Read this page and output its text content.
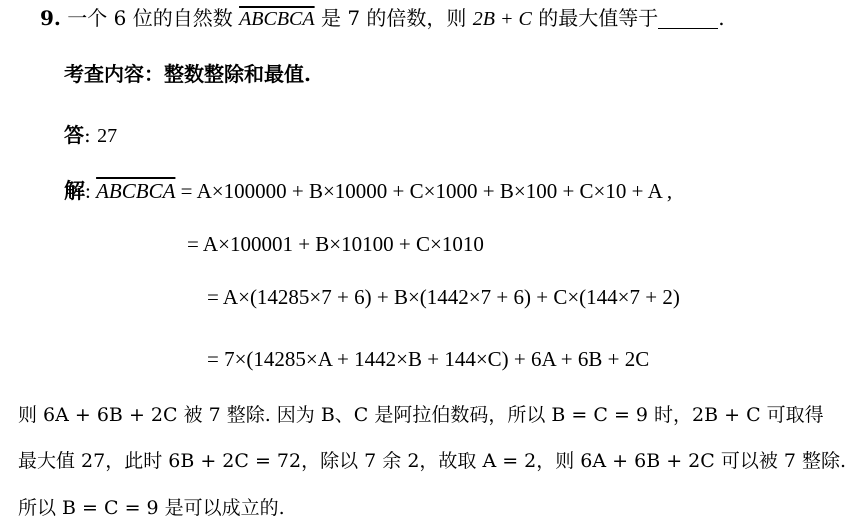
9. 一个 6 位的自然数 ABCBCA 是 7 的倍数，则 2B + C 的最大值等于	.
考查内容：整数整除和最值.
答: 27
解: ABCBCA = A×100000 + B×10000 + C×1000 + B×100 + C×10 + A ,
= A×100001 + B×10100 + C×1010
= A×(14285×7 + 6) + B×(1442×7 + 6) + C×(144×7 + 2)
= 7×(14285×A + 1442×B + 144×C) + 6A + 6B + 2C
则 6A + 6B + 2C 被 7 整除. 因为 B、C 是阿拉伯数码，所以 B = C = 9 时，2B + C 可取得
最大值 27，此时 6B + 2C = 72，除以 7 余 2，故取 A = 2，则 6A + 6B + 2C 可以被 7 整除.
所以 B = C = 9 是可以成立的.
